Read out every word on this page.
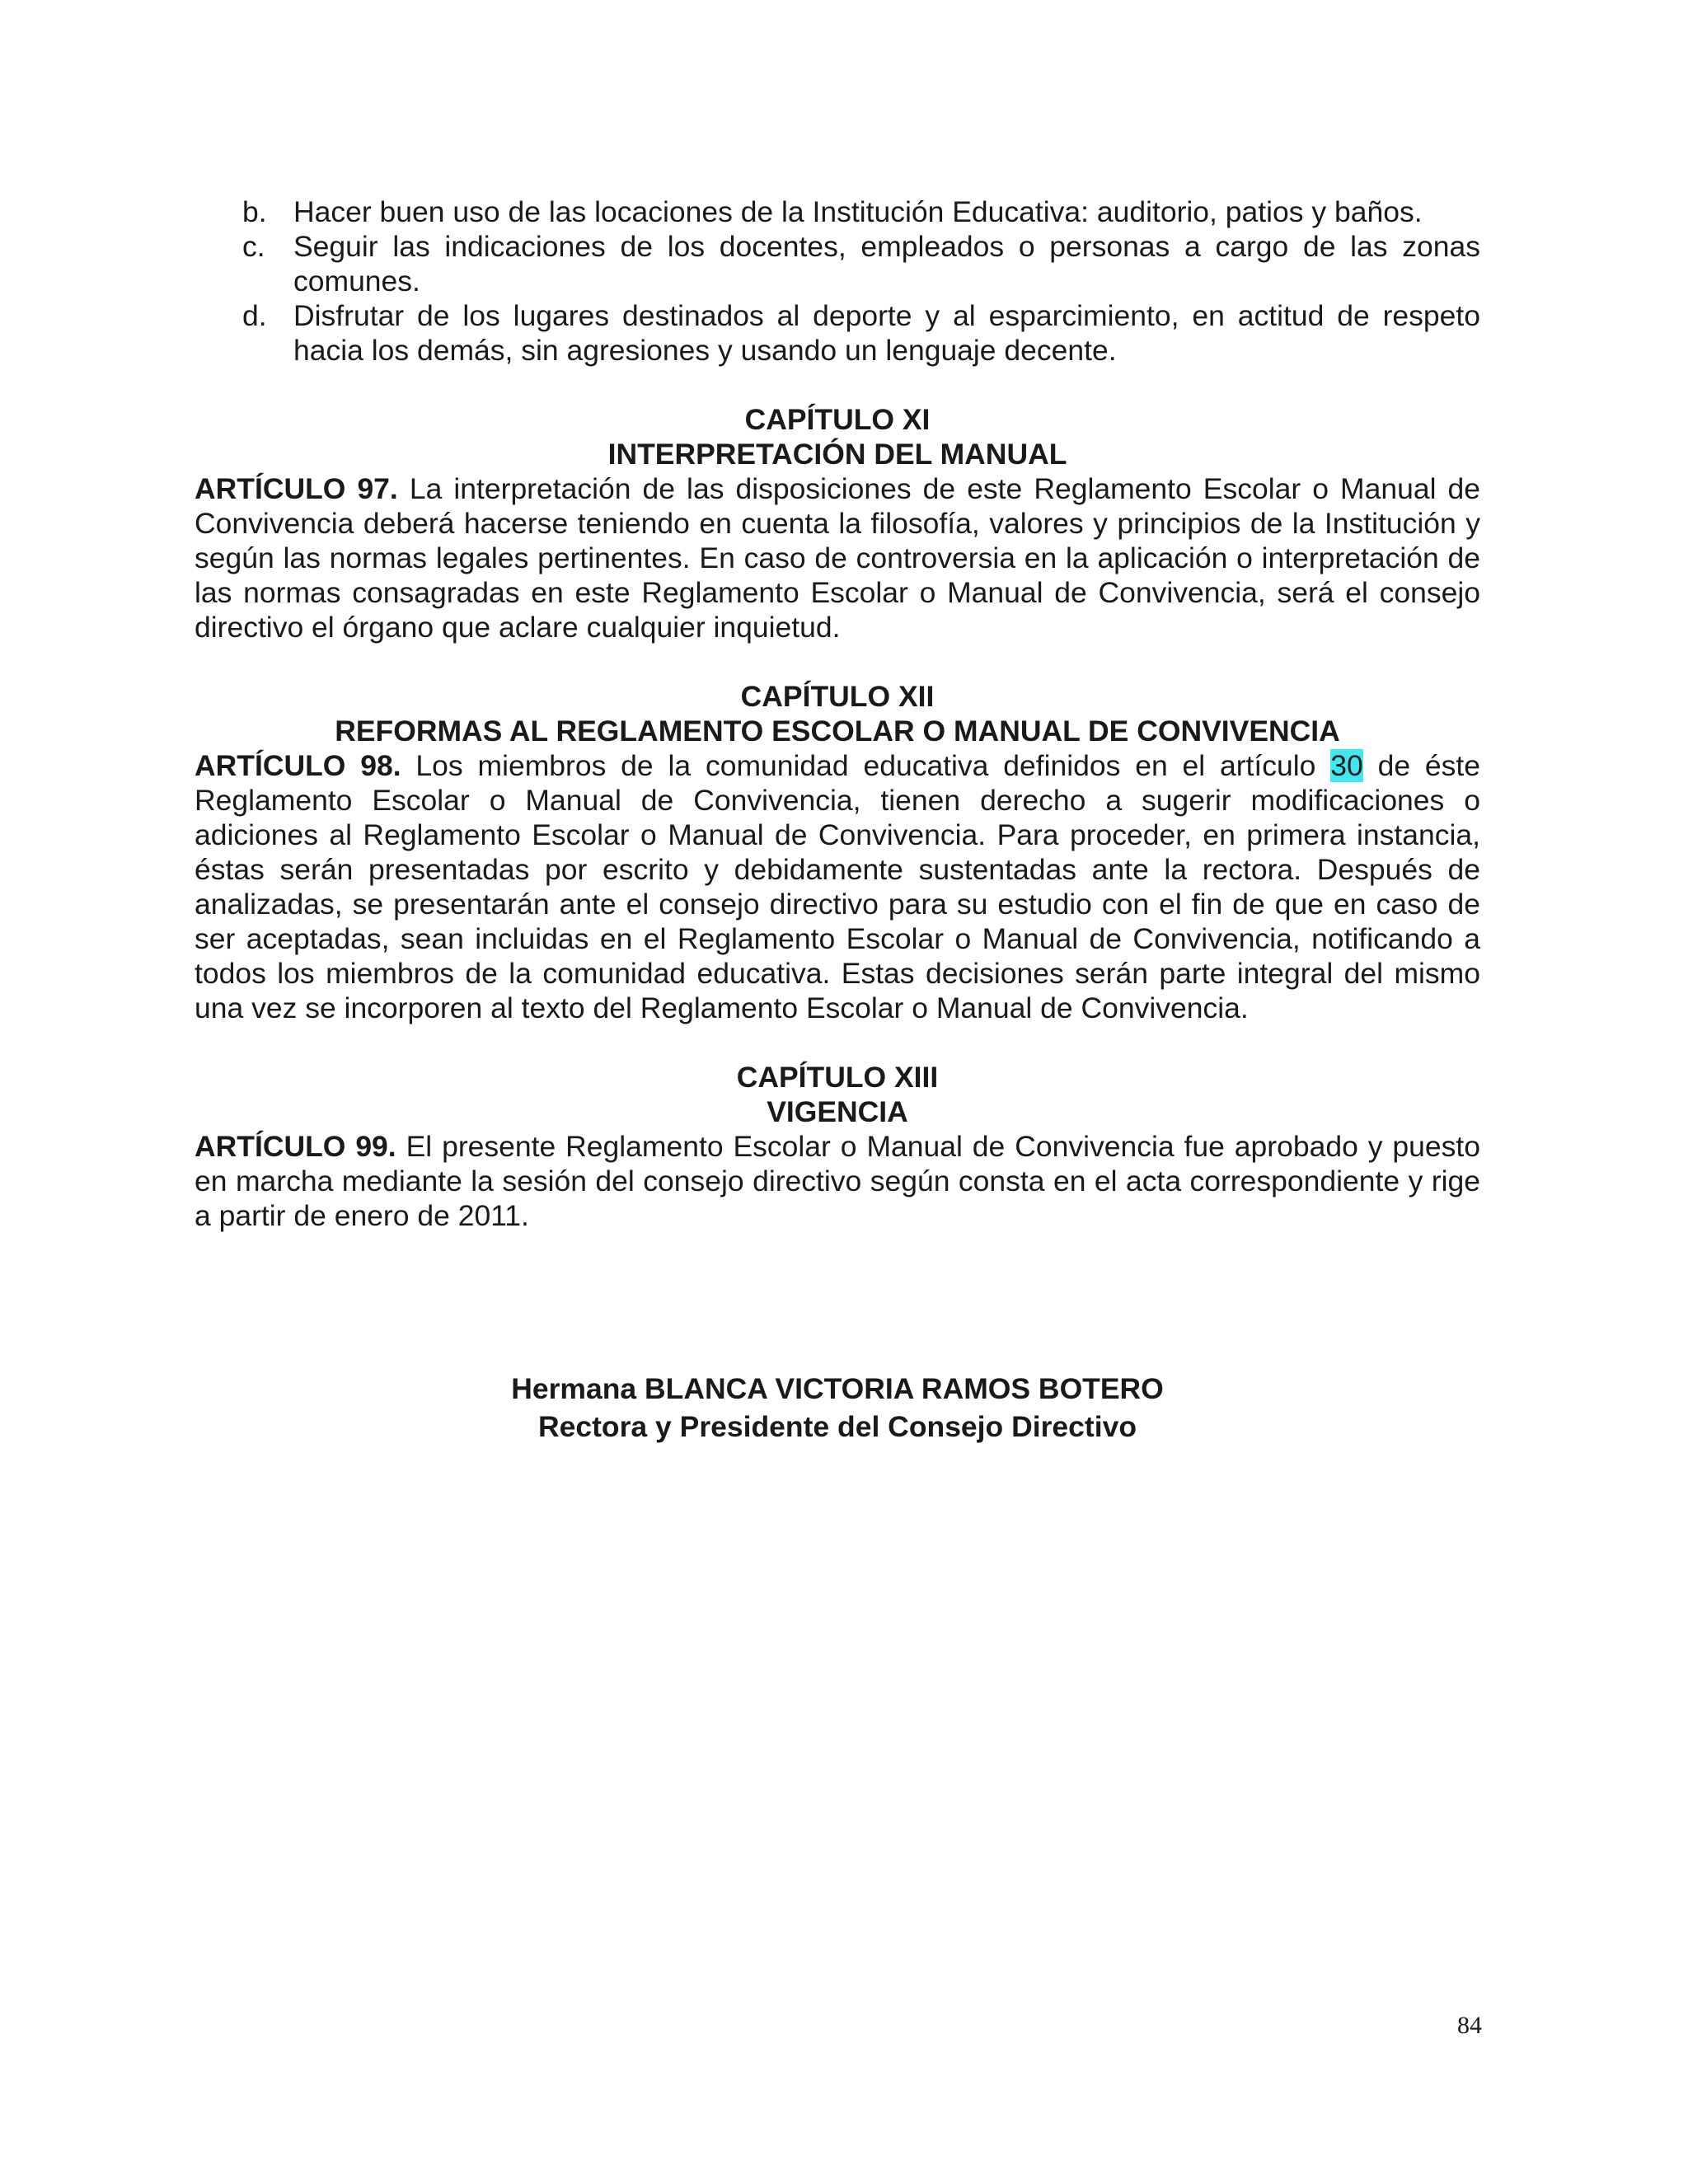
b. Hacer buen uso de las locaciones de la Institución Educativa: auditorio, patios y baños.
c. Seguir las indicaciones de los docentes, empleados o personas a cargo de las zonas comunes.
d. Disfrutar de los lugares destinados al deporte y al esparcimiento, en actitud de respeto hacia los demás, sin agresiones y usando un lenguaje decente.
CAPÍTULO XI
INTERPRETACIÓN DEL MANUAL
ARTÍCULO 97. La interpretación de las disposiciones de este Reglamento Escolar o Manual de Convivencia deberá hacerse teniendo en cuenta la filosofía, valores y principios de la Institución y según las normas legales pertinentes. En caso de controversia en la aplicación o interpretación de las normas consagradas en este Reglamento Escolar o Manual de Convivencia, será el consejo directivo el órgano que aclare cualquier inquietud.
CAPÍTULO XII
REFORMAS AL REGLAMENTO ESCOLAR O MANUAL DE CONVIVENCIA
ARTÍCULO 98. Los miembros de la comunidad educativa definidos en el artículo 30 de éste Reglamento Escolar o Manual de Convivencia, tienen derecho a sugerir modificaciones o adiciones al Reglamento Escolar o Manual de Convivencia. Para proceder, en primera instancia, éstas serán presentadas por escrito y debidamente sustentadas ante la rectora. Después de analizadas, se presentarán ante el consejo directivo para su estudio con el fin de que en caso de ser aceptadas, sean incluidas en el Reglamento Escolar o Manual de Convivencia, notificando a todos los miembros de la comunidad educativa. Estas decisiones serán parte integral del mismo una vez se incorporen al texto del Reglamento Escolar o Manual de Convivencia.
CAPÍTULO XIII
VIGENCIA
ARTÍCULO 99. El presente Reglamento Escolar o Manual de Convivencia fue aprobado y puesto en marcha mediante la sesión del consejo directivo según consta en el acta correspondiente y rige a partir de enero de 2011.
Hermana BLANCA VICTORIA RAMOS BOTERO
Rectora y Presidente del Consejo Directivo
84
